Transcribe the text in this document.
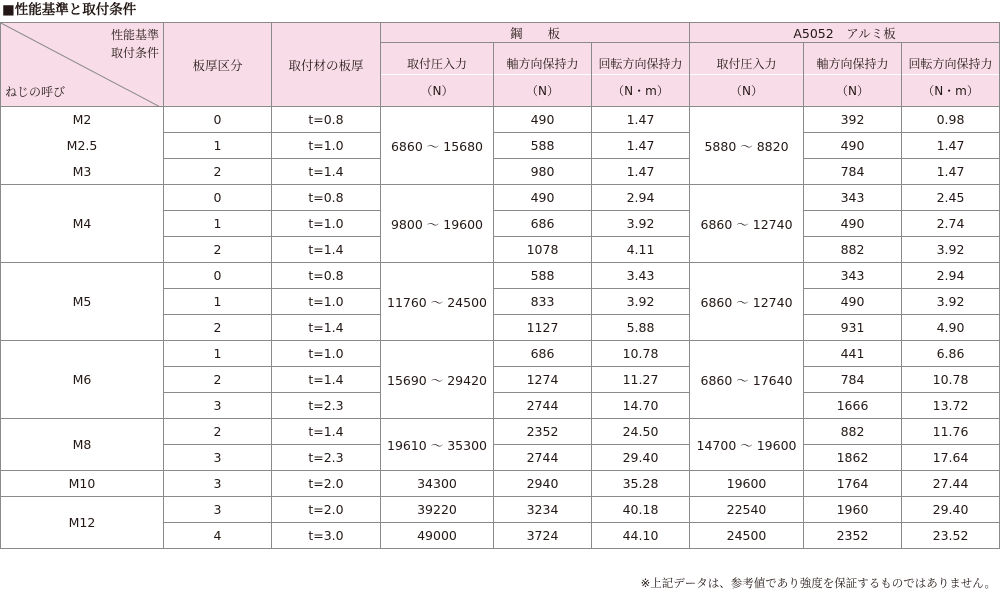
■性能基準と取付条件
性能基準
取付条件
ねじの呼び	板厚区分	取付材の板厚	鋼　　板			A5052　アルミ板		
			取付圧入力	軸方向保持力	回転方向保持力	取付圧入力	軸方向保持力	回転方向保持力
			（N）	（N）	（N・m）	（N）	（N）	（N・m）
M2	0	t=0.8	6860 ～ 15680	490	1.47	5880 ～ 8820	392	0.98
M2.5	1	t=1.0		588	1.47		490	1.47
M3	2	t=1.4		980	1.47		784	1.47
M4	0	t=0.8	9800 ～ 19600	490	2.94	6860 ～ 12740	343	2.45
	1	t=1.0		686	3.92		490	2.74
	2	t=1.4		1078	4.11		882	3.92
M5	0	t=0.8	11760 ～ 24500	588	3.43	6860 ～ 12740	343	2.94
	1	t=1.0		833	3.92		490	3.92
	2	t=1.4		1127	5.88		931	4.90
M6	1	t=1.0	15690 ～ 29420	686	10.78	6860 ～ 17640	441	6.86
	2	t=1.4		1274	11.27		784	10.78
	3	t=2.3		2744	14.70		1666	13.72
M8	2	t=1.4	19610 ～ 35300	2352	24.50	14700 ～ 19600	882	11.76
	3	t=2.3		2744	29.40		1862	17.64
M10	3	t=2.0	34300	2940	35.28	19600	1764	27.44
M12	3	t=2.0	39220	3234	40.18	22540	1960	29.40
	4	t=3.0	49000	3724	44.10	24500	2352	23.52
※上記データは、参考値であり強度を保証するものではありません。
